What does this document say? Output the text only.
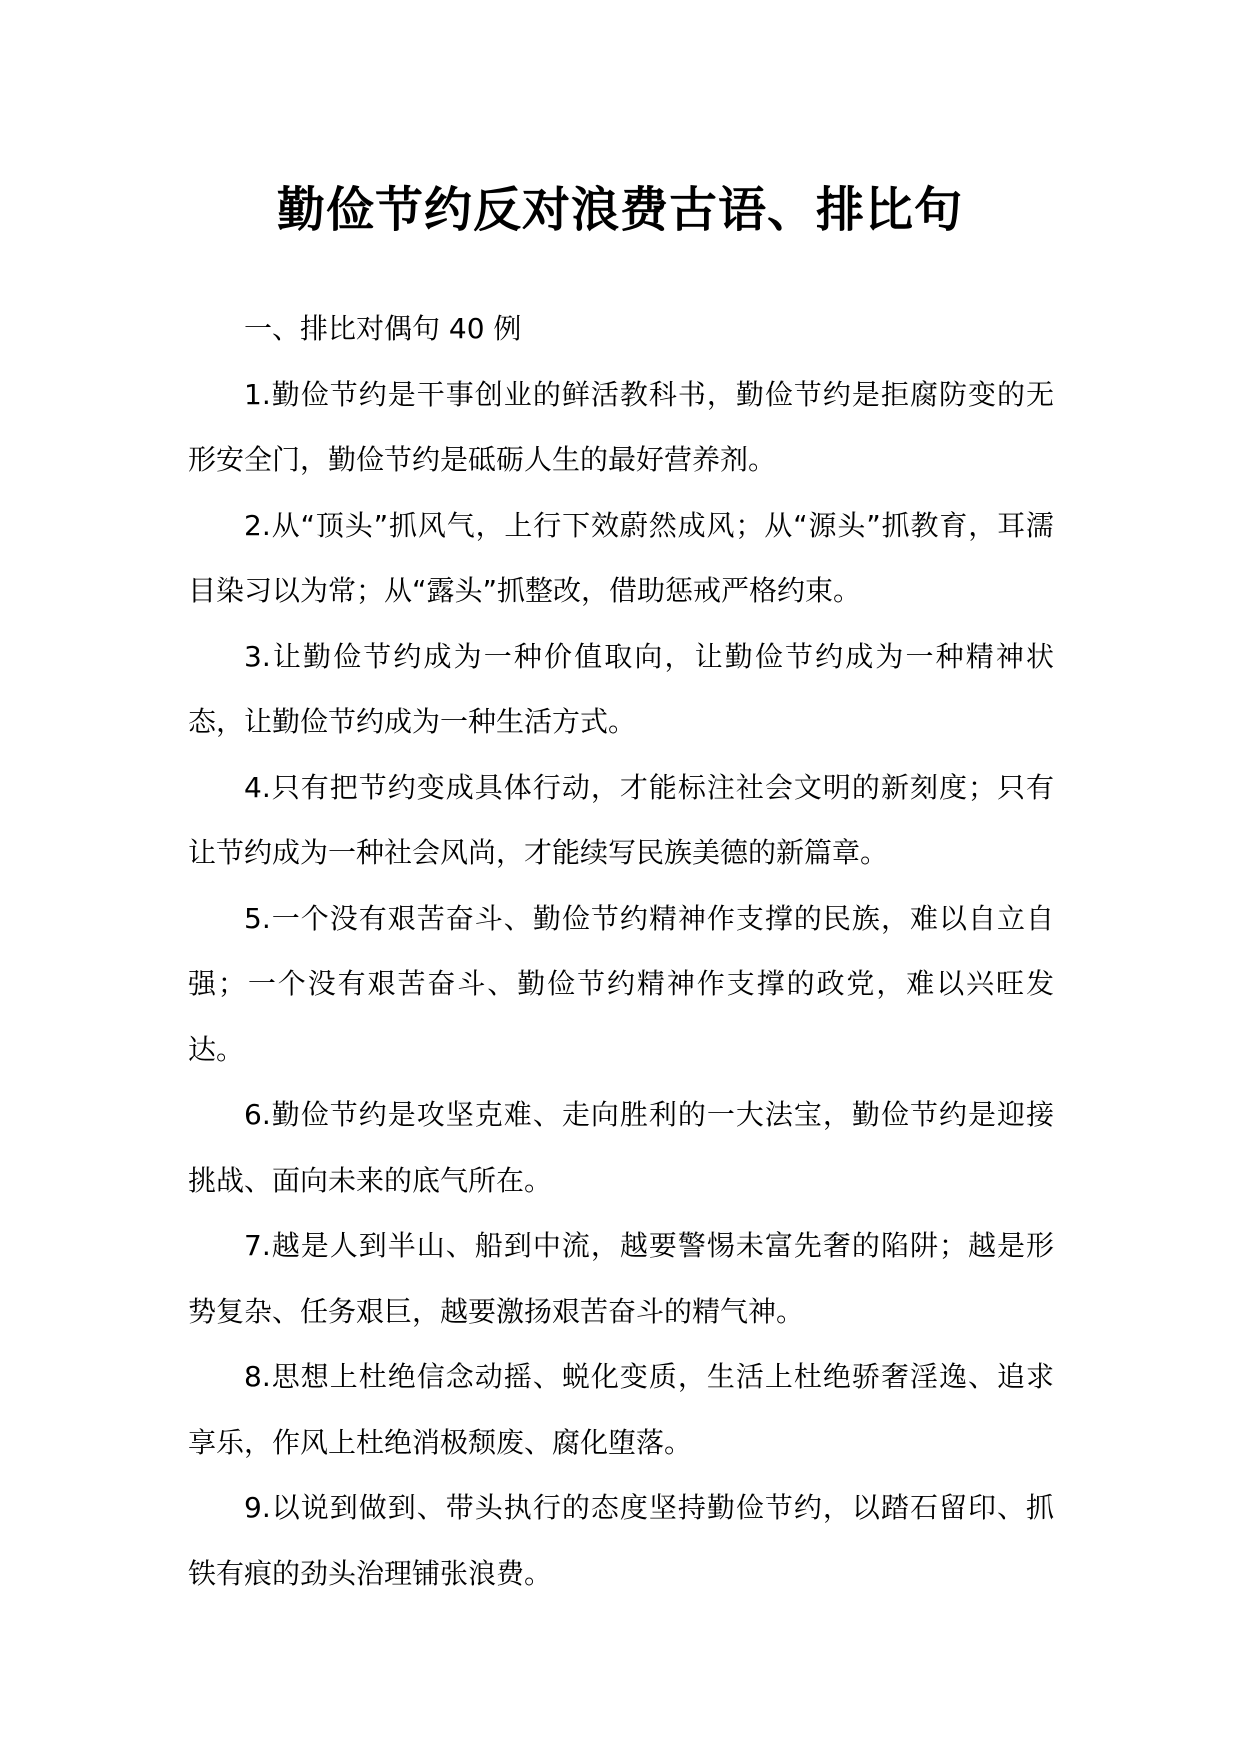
勤俭节约反对浪费古语、排比句

一、排比对偶句 40 例

1.勤俭节约是干事创业的鲜活教科书，勤俭节约是拒腐防变的无形安全门，勤俭节约是砥砺人生的最好营养剂。

2.从“顶头”抓风气，上行下效蔚然成风；从“源头”抓教育，耳濡目染习以为常；从“露头”抓整改，借助惩戒严格约束。

3.让勤俭节约成为一种价值取向，让勤俭节约成为一种精神状态，让勤俭节约成为一种生活方式。

4.只有把节约变成具体行动，才能标注社会文明的新刻度；只有让节约成为一种社会风尚，才能续写民族美德的新篇章。

5.一个没有艰苦奋斗、勤俭节约精神作支撑的民族，难以自立自强；一个没有艰苦奋斗、勤俭节约精神作支撑的政党，难以兴旺发达。

6.勤俭节约是攻坚克难、走向胜利的一大法宝，勤俭节约是迎接挑战、面向未来的底气所在。

7.越是人到半山、船到中流，越要警惕未富先奢的陷阱；越是形势复杂、任务艰巨，越要激扬艰苦奋斗的精气神。

8.思想上杜绝信念动摇、蜕化变质，生活上杜绝骄奢淫逸、追求享乐，作风上杜绝消极颓废、腐化堕落。

9.以说到做到、带头执行的态度坚持勤俭节约，以踏石留印、抓铁有痕的劲头治理铺张浪费。
